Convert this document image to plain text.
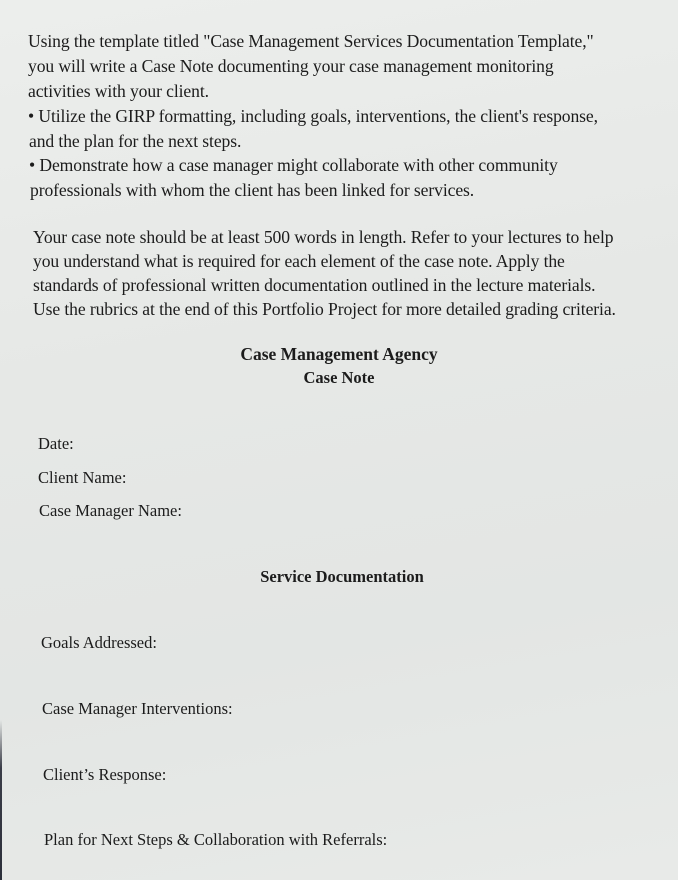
Using the template titled "Case Management Services Documentation Template,"
you will write a Case Note documenting your case management monitoring
activities with your client.
• Utilize the GIRP formatting, including goals, interventions, the client's response,
and the plan for the next steps.
• Demonstrate how a case manager might collaborate with other community
professionals with whom the client has been linked for services.
Your case note should be at least 500 words in length. Refer to your lectures to help
you understand what is required for each element of the case note. Apply the
standards of professional written documentation outlined in the lecture materials.
Use the rubrics at the end of this Portfolio Project for more detailed grading criteria.
Case Management Agency
Case Note
Date:
Client Name:
Case Manager Name:
Service Documentation
Goals Addressed:
Case Manager Interventions:
Client’s Response:
Plan for Next Steps & Collaboration with Referrals:
